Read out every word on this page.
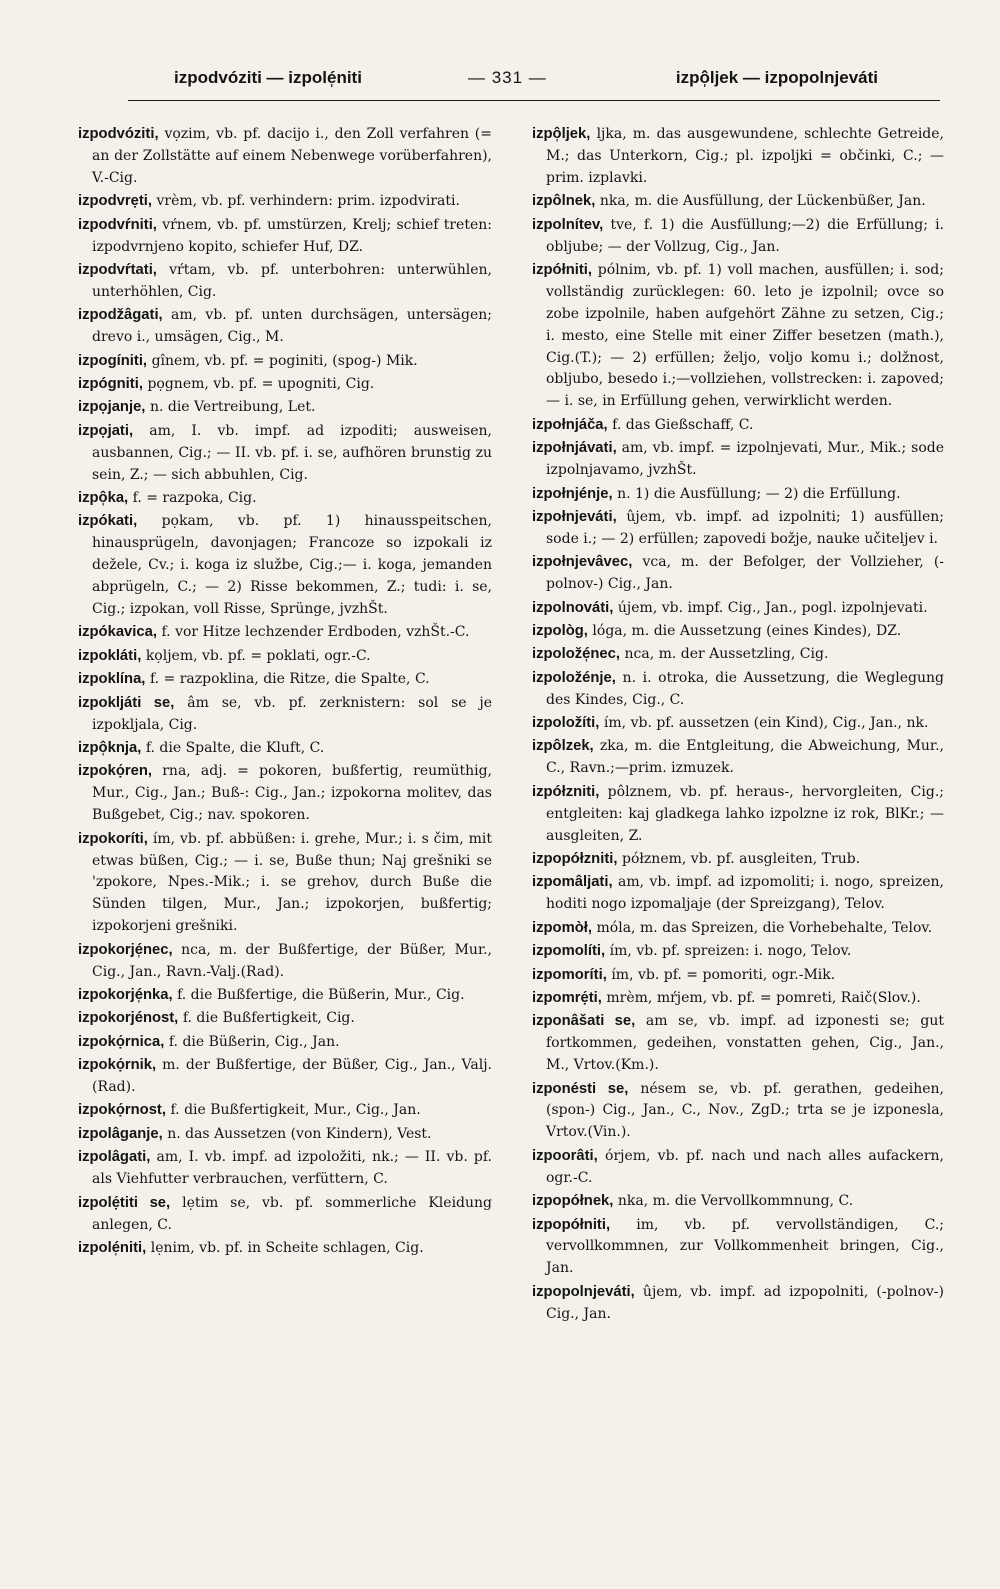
izpodvóziti — izpolé̩niti	— 331 —	izpô̩ljek — izpopolnjeváti

izpodvóziti, vọzim, vb. pf. dacijo i., den Zoll verfahren (= an der Zollstätte auf einem Nebenwege vorüberfahren), V.-Cig.

izpodvrẹti, vrèm, vb. pf. verhindern: prim. izpodvirati.

izpodvŕniti, vŕnem, vb. pf. umstürzen, Krelj; schief treten: izpodvrnjeno kopito, schiefer Huf, DZ.

izpodvŕtati, vŕtam, vb. pf. unterbohren: unterwühlen, unterhöhlen, Cig.

izpodžâgati, am, vb. pf. unten durchsägen, untersägen; drevo i., umsägen, Cig., M.

izpogíniti, gînem, vb. pf. = poginiti, (spog-) Mik.

izpógniti, pọgnem, vb. pf. = upogniti, Cig.

izpọjanje, n. die Vertreibung, Let.

izpọjati, am, I. vb. impf. ad izpoditi; ausweisen, ausbannen, Cig.; — II. vb. pf. i. se, aufhören brunstig zu sein, Z.; — sich abbuhlen, Cig.

izpô̩ka, f. = razpoka, Cig.

izpókati, pọkam, vb. pf. 1) hinausspeitschen, hinausprügeln, davonjagen; Francoze so izpokali iz dežele, Cv.; i. koga iz službe, Cig.;— i. koga, jemanden abprügeln, C.; — 2) Risse bekommen, Z.; tudi: i. se, Cig.; izpokan, voll Risse, Sprünge, jvzhŠt.

izpókavica, f. vor Hitze lechzender Erdboden, vzhŠt.-C.

izpokláti, kọljem, vb. pf. = poklati, ogr.-C.

izpoklína, f. = razpoklina, die Ritze, die Spalte, C.

izpokljáti se, âm se, vb. pf. zerknistern: sol se je izpokljala, Cig.

izpô̩knja, f. die Spalte, die Kluft, C.

izpokọ́ren, rna, adj. = pokoren, bußfertig, reumüthig, Mur., Cig., Jan.; Buß-: Cig., Jan.; izpokorna molitev, das Bußgebet, Cig.; nav. spokoren.

izpokoríti, ím, vb. pf. abbüßen: i. grehe, Mur.; i. s čim, mit etwas büßen, Cig.; — i. se, Buße thun; Naj grešniki se 'zpokore, Npes.-Mik.; i. se grehov, durch Buße die Sünden tilgen, Mur., Jan.; izpokorjen, bußfertig; izpokorjeni grešniki.

izpokorjé̩nec, nca, m. der Bußfertige, der Büßer, Mur., Cig., Jan., Ravn.-Valj.(Rad).

izpokorjé̩nka, f. die Bußfertige, die Büßerin, Mur., Cig.

izpokorjénost, f. die Bußfertigkeit, Cig.

izpokọ́rnica, f. die Büßerin, Cig., Jan.

izpokọ́rnik, m. der Bußfertige, der Büßer, Cig., Jan., Valj.(Rad).

izpokọ́rnost, f. die Bußfertigkeit, Mur., Cig., Jan.

izpolâganje, n. das Aussetzen (von Kindern), Vest.

izpolâgati, am, I. vb. impf. ad izpoložiti, nk.; — II. vb. pf. als Viehfutter verbrauchen, verfüttern, C.

izpolẹ́titi se, lẹtim se, vb. pf. sommerliche Kleidung anlegen, C.

izpolé̩niti, lẹnim, vb. pf. in Scheite schlagen, Cig.

izpô̩ljek, ljka, m. das ausgewundene, schlechte Getreide, M.; das Unterkorn, Cig.; pl. izpoljki = občinki, C.; — prim. izplavki.

izpôlnek, nka, m. die Ausfüllung, der Lückenbüßer, Jan.

izpolnítev, tve, f. 1) die Ausfüllung;—2) die Erfüllung; i. obljube; — der Vollzug, Cig., Jan.

izpółniti, pólnim, vb. pf. 1) voll machen, ausfüllen; i. sod; vollständig zurücklegen: 60. leto je izpolnil; ovce so zobe izpolnile, haben aufgehört Zähne zu setzen, Cig.; i. mesto, eine Stelle mit einer Ziffer besetzen (math.), Cig.(T.); — 2) erfüllen; željo, voljo komu i.; dolžnost, obljubo, besedo i.;—vollziehen, vollstrecken: i. zapoved; — i. se, in Erfüllung gehen, verwirklicht werden.

izpołnjáča, f. das Gießschaff, C.

izpołnjávati, am, vb. impf. = izpolnjevati, Mur., Mik.; sode izpolnjavamo, jvzhŠt.

izpołnjénje, n. 1) die Ausfüllung; — 2) die Erfüllung.

izpołnjeváti, ûjem, vb. impf. ad izpolniti; 1) ausfüllen; sode i.; — 2) erfüllen; zapovedi božje, nauke učiteljev i.

izpołnjevâvec, vca, m. der Befolger, der Vollzieher, (-polnov-) Cig., Jan.

izpolnováti, újem, vb. impf. Cig., Jan., pogl. izpolnjevati.

izpològ, lóga, m. die Aussetzung (eines Kindes), DZ.

izpoložé̩nec, nca, m. der Aussetzling, Cig.

izpoložénje, n. i. otroka, die Aussetzung, die Weglegung des Kindes, Cig., C.

izpoložíti, ím, vb. pf. aussetzen (ein Kind), Cig., Jan., nk.

izpôlzek, zka, m. die Entgleitung, die Abweichung, Mur., C., Ravn.;—prim. izmuzek.

izpółzniti, pôlznem, vb. pf. heraus-, hervorgleiten, Cig.; entgleiten: kaj gladkega lahko izpolzne iz rok, BlKr.; — ausgleiten, Z.

izpopółzniti, półznem, vb. pf. ausgleiten, Trub.

izpomâljati, am, vb. impf. ad izpomoliti; i. nogo, spreizen, hoditi nogo izpomaljaje (der Spreizgang), Telov.

izpomòł, móla, m. das Spreizen, die Vorhebehalte, Telov.

izpomolíti, ím, vb. pf. spreizen: i. nogo, Telov.

izpomoríti, ím, vb. pf. = pomoriti, ogr.-Mik.

izpomrẹ́ti, mrèm, mŕjem, vb. pf. = pomreti, Raič(Slov.).

izponâšati se, am se, vb. impf. ad izponesti se; gut fortkommen, gedeihen, vonstatten gehen, Cig., Jan., M., Vrtov.(Km.).

izponésti se, nésem se, vb. pf. gerathen, gedeihen, (spon-) Cig., Jan., C., Nov., ZgD.; trta se je izponesla, Vrtov.(Vin.).

izpoorâti, órjem, vb. pf. nach und nach alles aufackern, ogr.-C.

izpopółnek, nka, m. die Vervollkommnung, C.

izpopółniti, im, vb. pf. vervollständigen, C.; vervollkommnen, zur Vollkommenheit bringen, Cig., Jan.

izpopolnjeváti, ûjem, vb. impf. ad izpopolniti, (-polnov-) Cig., Jan.
